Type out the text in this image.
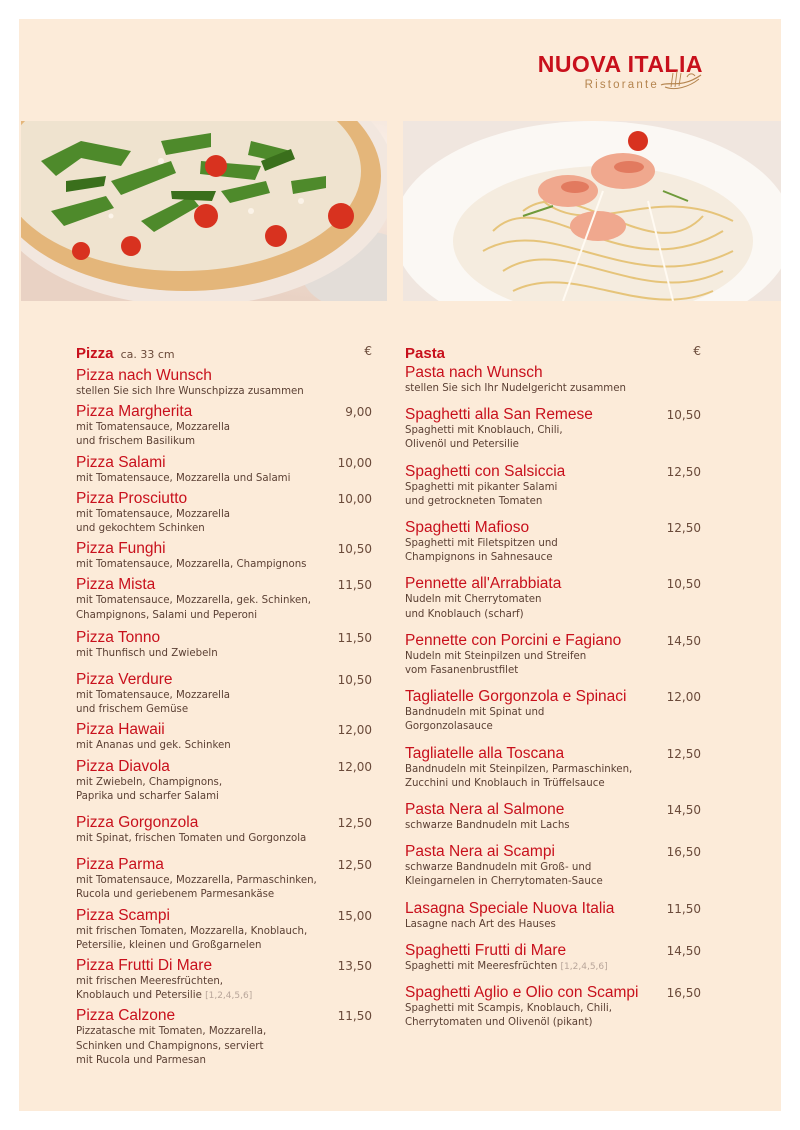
NUOVA ITALIA
Ristorante
Pizza ca. 33 cm	€
Pizza nach Wunsch
stellen Sie sich Ihre Wunschpizza zusammen
Pizza Margherita	9,00
mit Tomatensauce, Mozzarella
und frischem Basilikum
Pizza Salami	10,00
mit Tomatensauce, Mozzarella und Salami
Pizza Prosciutto	10,00
mit Tomatensauce, Mozzarella
und gekochtem Schinken
Pizza Funghi	10,50
mit Tomatensauce, Mozzarella, Champignons
Pizza Mista	11,50
mit Tomatensauce, Mozzarella, gek. Schinken,
Champignons, Salami und Peperoni
Pizza Tonno	11,50
mit Thunfisch und Zwiebeln
Pizza Verdure	10,50
mit Tomatensauce, Mozzarella
und frischem Gemüse
Pizza Hawaii	12,00
mit Ananas und gek. Schinken
Pizza Diavola	12,00
mit Zwiebeln, Champignons,
Paprika und scharfer Salami
Pizza Gorgonzola	12,50
mit Spinat, frischen Tomaten und Gorgonzola
Pizza Parma	12,50
mit Tomatensauce, Mozzarella, Parmaschinken,
Rucola und geriebenem Parmesankäse
Pizza Scampi	15,00
mit frischen Tomaten, Mozzarella, Knoblauch,
Petersilie, kleinen und Großgarnelen
Pizza Frutti Di Mare	13,50
mit frischen Meeresfrüchten,
Knoblauch und Petersilie [1,2,4,5,6]
Pizza Calzone	11,50
Pizzatasche mit Tomaten, Mozzarella,
Schinken und Champignons, serviert
mit Rucola und Parmesan
Pasta	€
Pasta nach Wunsch
stellen Sie sich Ihr Nudelgericht zusammen
Spaghetti alla San Remese	10,50
Spaghetti mit Knoblauch, Chili,
Olivenöl und Petersilie
Spaghetti con Salsiccia	12,50
Spaghetti mit pikanter Salami
und getrockneten Tomaten
Spaghetti Mafioso	12,50
Spaghetti mit Filetspitzen und
Champignons in Sahnesauce
Pennette all'Arrabbiata	10,50
Nudeln mit Cherrytomaten
und Knoblauch (scharf)
Pennette con Porcini e Fagiano	14,50
Nudeln mit Steinpilzen und Streifen
vom Fasanenbrustfilet
Tagliatelle Gorgonzola e Spinaci	12,00
Bandnudeln mit Spinat und
Gorgonzolasauce
Tagliatelle alla Toscana	12,50
Bandnudeln mit Steinpilzen, Parmaschinken,
Zucchini und Knoblauch in Trüffelsauce
Pasta Nera al Salmone	14,50
schwarze Bandnudeln mit Lachs
Pasta Nera ai Scampi	16,50
schwarze Bandnudeln mit Groß- und
Kleingarnelen in Cherrytomaten-Sauce
Lasagna Speciale Nuova Italia	11,50
Lasagne nach Art des Hauses
Spaghetti Frutti di Mare	14,50
Spaghetti mit Meeresfrüchten [1,2,4,5,6]
Spaghetti Aglio e Olio con Scampi	16,50
Spaghetti mit Scampis, Knoblauch, Chili,
Cherrytomaten und Olivenöl (pikant)
